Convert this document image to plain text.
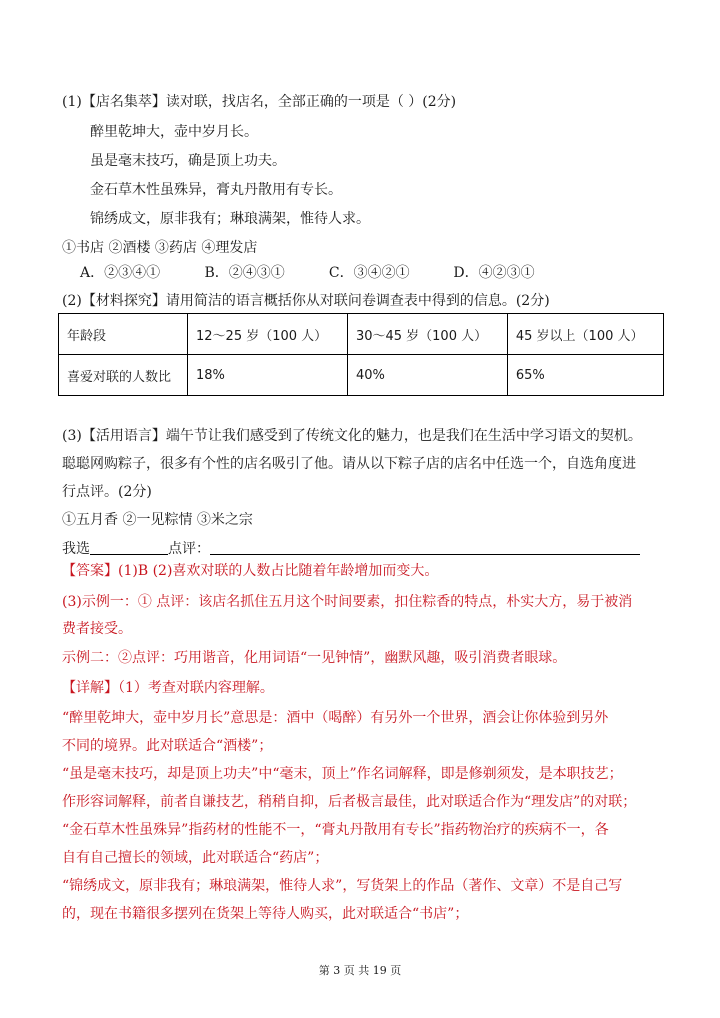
(1)【店名集萃】读对联，找店名，全部正确的一项是（ ）(2分)
醉里乾坤大，壶中岁月长。
虽是毫末技巧，确是顶上功夫。
金石草木性虽殊异，膏丸丹散用有专长。
锦绣成文，原非我有；琳琅满架，惟待人求。
①书店 ②酒楼 ③药店 ④理发店
A．②③④①	B．②④③①	C．③④②①	D．④②③①
(2)【材料探究】请用简洁的语言概括你从对联问卷调查表中得到的信息。(2分)
年龄段	12～25 岁（100 人）	30～45 岁（100 人）	45 岁以上（100 人）
喜爱对联的人数比	18%	40%	65%
(3)【活用语言】端午节让我们感受到了传统文化的魅力，也是我们在生活中学习语文的契机。
聪聪网购粽子，很多有个性的店名吸引了他。请从以下粽子店的店名中任选一个，自选角度进
行点评。(2分)
①五月香 ②一见粽情 ③米之宗
我选	点评：
【答案】(1)B (2)喜欢对联的人数占比随着年龄增加而变大。
(3)示例一：① 点评：该店名抓住五月这个时间要素，扣住粽香的特点，朴实大方，易于被消
费者接受。
示例二：②点评：巧用谐音，化用词语“一见钟情”，幽默风趣，吸引消费者眼球。
【详解】（1）考查对联内容理解。
“醉里乾坤大，壶中岁月长”意思是：酒中（喝醉）有另外一个世界，酒会让你体验到另外
不同的境界。此对联适合“酒楼”；
“虽是毫末技巧，却是顶上功夫”中“毫末，顶上”作名词解释，即是修剃须发，是本职技艺；
作形容词解释，前者自谦技艺，稍稍自抑，后者极言最佳，此对联适合作为“理发店”的对联；
“金石草木性虽殊异”指药材的性能不一，“膏丸丹散用有专长”指药物治疗的疾病不一，各
自有自己擅长的领域，此对联适合“药店”；
“锦绣成文，原非我有；琳琅满架，惟待人求”，写货架上的作品（著作、文章）不是自己写
的，现在书籍很多摆列在货架上等待人购买，此对联适合“书店”；
第 3 页 共 19 页
